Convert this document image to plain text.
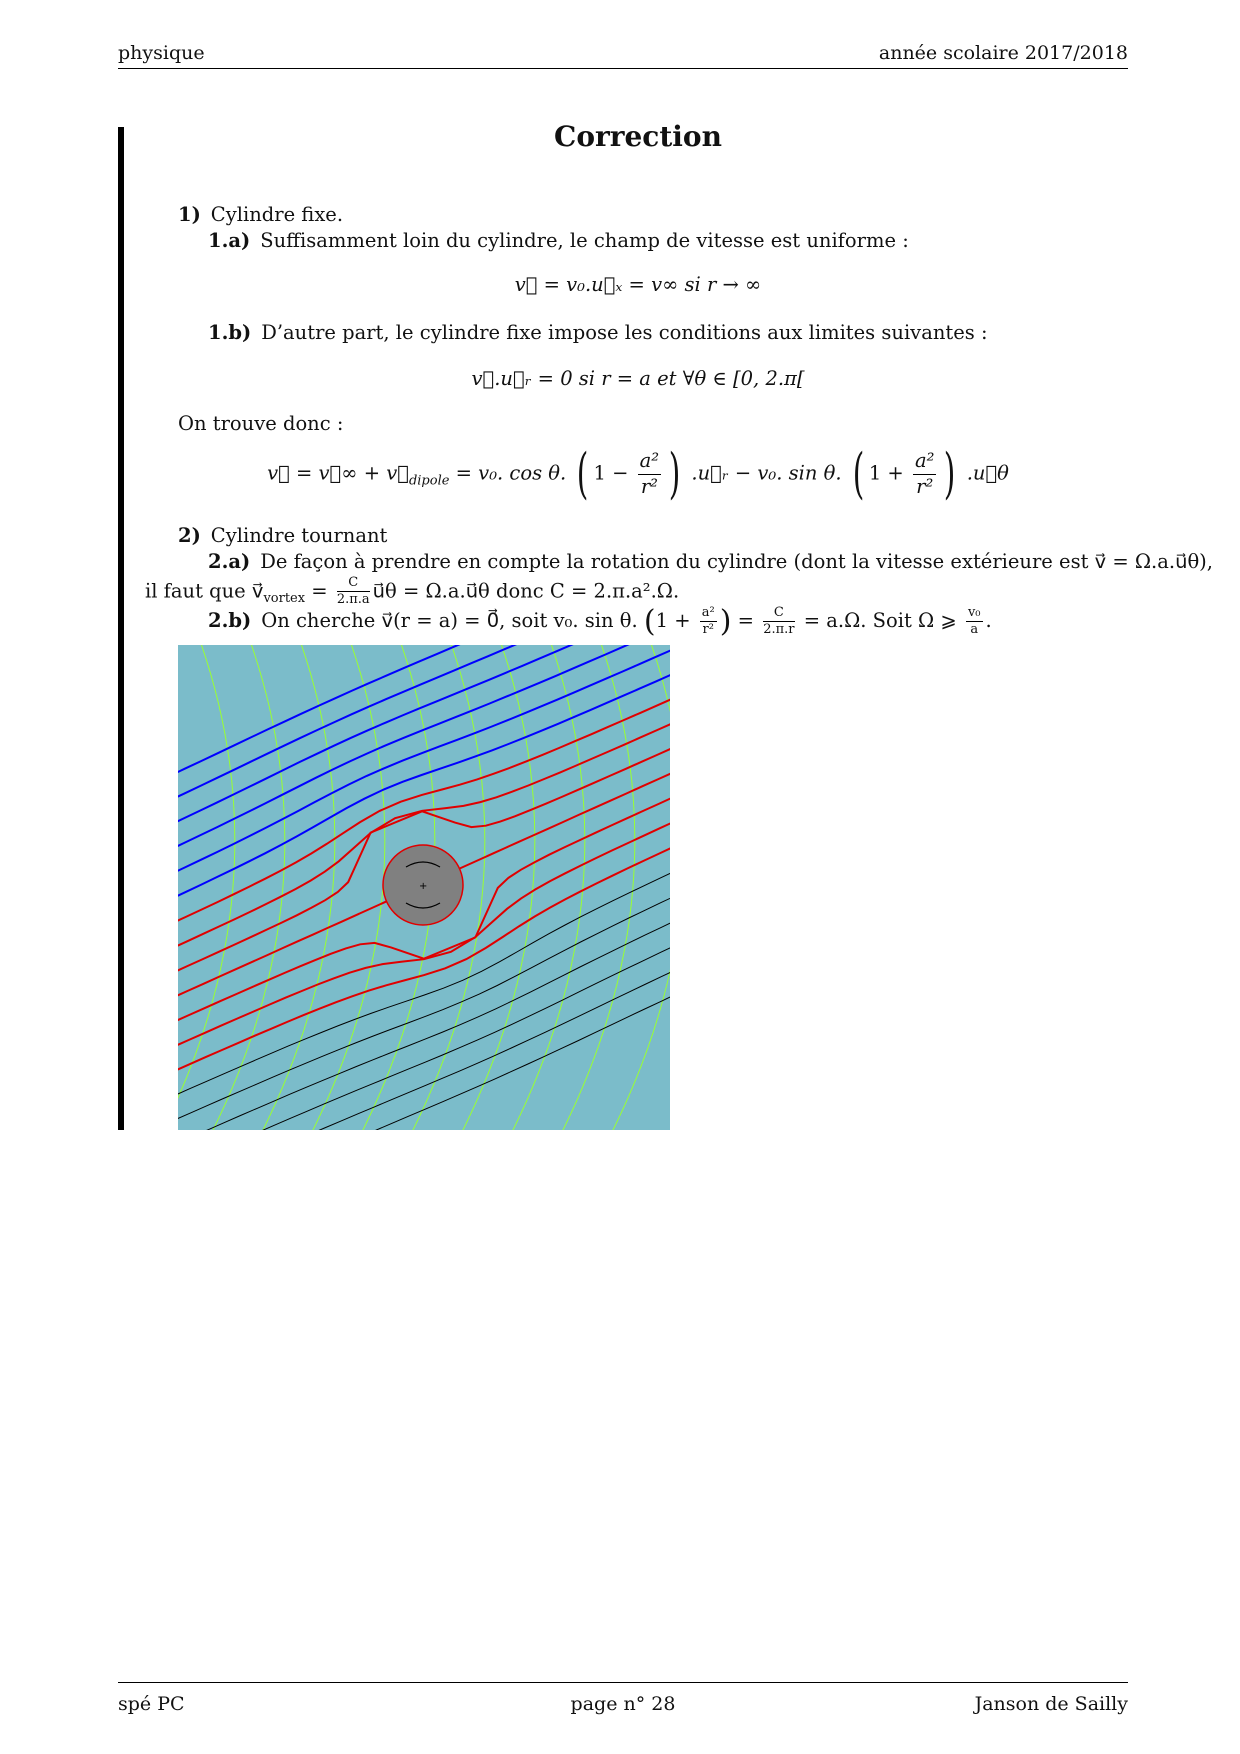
physique	année scolaire 2017/2018
Correction
1) Cylindre fixe.
1.a) Suffisamment loin du cylindre, le champ de vitesse est uniforme :
v⃗ = v₀.u⃗ₓ = v∞ si r → ∞
1.b) D’autre part, le cylindre fixe impose les conditions aux limites suivantes :
v⃗.u⃗ᵣ = 0 si r = a et ∀θ ∈ [0, 2.π[
On trouve donc :
v⃗ = v⃗∞ + $v⃗_{dipole} = v_0$. cos θ. ( $1 - \frac{\text{a²}}{\text{r²}}$ ) .u⃗ᵣ − v₀. sin θ. ( $1 + \frac{\text{a²}}{\text{r²}}$ ) .u⃗θ
2) Cylindre tournant
2.a) De façon à prendre en compte la rotation du cylindre (dont la vitesse extérieure est v⃗ = Ω.a.u⃗θ),
il faut que $v⃗_{vortex} = \frac{C}{2.\pi.a}$ u⃗θ = Ω.a.u⃗θ donc C = 2.π.a².Ω.
2.b) On cherche v⃗(r = a) = 0⃗, soit v₀. sin θ. ($1 + \frac{\text{a²}}{\text{r²}}$ ) = $\frac{C}{2.\pi.r} = a.\Omega$. Soit Ω ⩾ $\frac{\text{v₀}}{a}$ .
+
spé PC	page n° 28	Janson de Sailly
